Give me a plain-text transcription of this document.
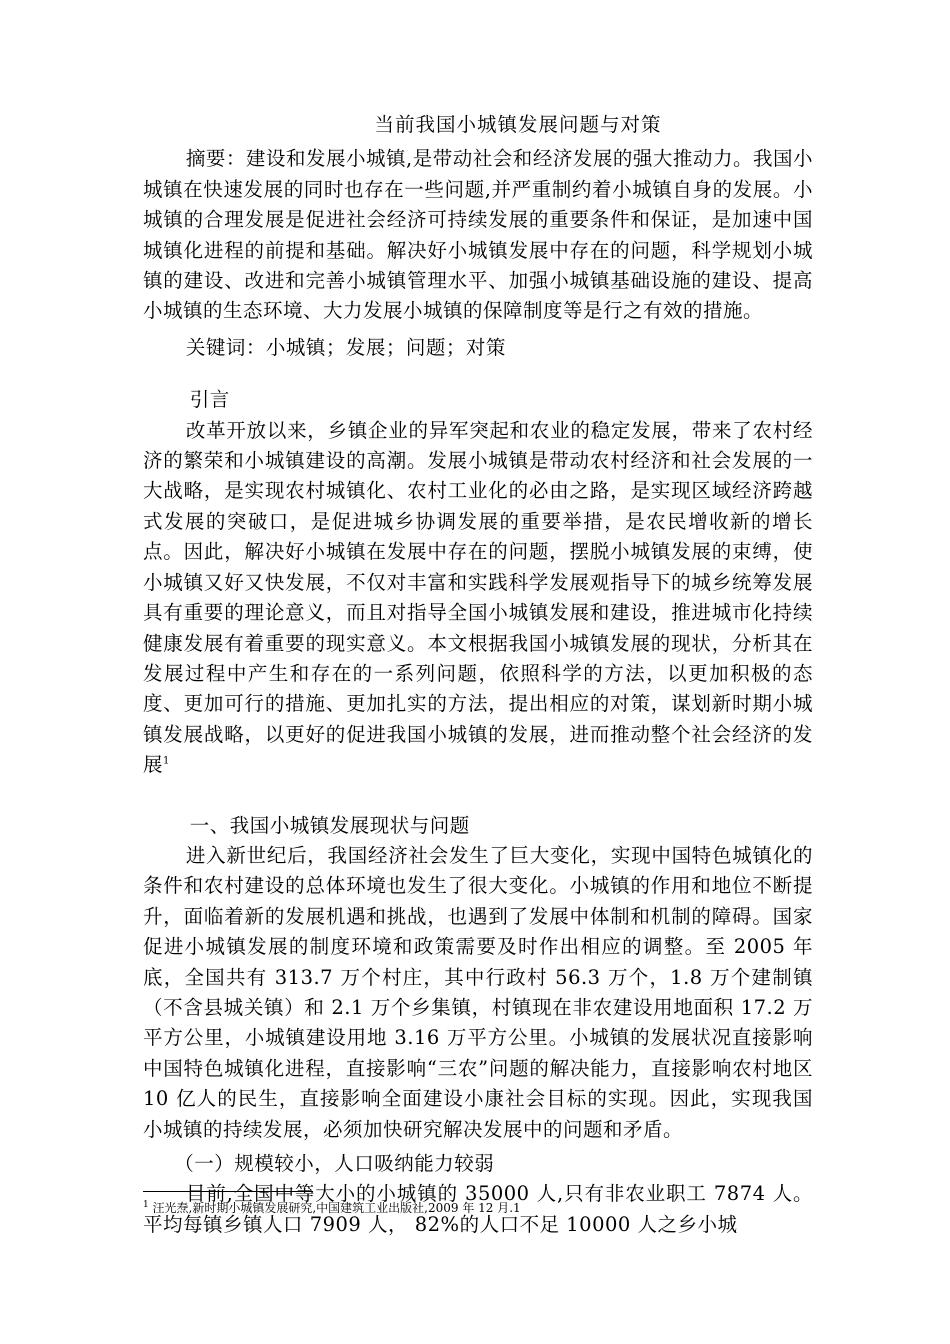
当前我国小城镇发展问题与对策

摘要：建设和发展小城镇,是带动社会和经济发展的强大推动力。我国小城镇在快速发展的同时也存在一些问题,并严重制约着小城镇自身的发展。小城镇的合理发展是促进社会经济可持续发展的重要条件和保证，是加速中国城镇化进程的前提和基础。解决好小城镇发展中存在的问题，科学规划小城镇的建设、改进和完善小城镇管理水平、加强小城镇基础设施的建设、提高小城镇的生态环境、大力发展小城镇的保障制度等是行之有效的措施。

关键词：小城镇；发展；问题；对策

引言

改革开放以来，乡镇企业的异军突起和农业的稳定发展，带来了农村经济的繁荣和小城镇建设的高潮。发展小城镇是带动农村经济和社会发展的一大战略，是实现农村城镇化、农村工业化的必由之路，是实现区域经济跨越式发展的突破口，是促进城乡协调发展的重要举措，是农民增收新的增长点。因此，解决好小城镇在发展中存在的问题，摆脱小城镇发展的束缚，使小城镇又好又快发展，不仅对丰富和实践科学发展观指导下的城乡统筹发展具有重要的理论意义，而且对指导全国小城镇发展和建设，推进城市化持续健康发展有着重要的现实意义。本文根据我国小城镇发展的现状，分析其在发展过程中产生和存在的一系列问题，依照科学的方法，以更加积极的态度、更加可行的措施、更加扎实的方法，提出相应的对策，谋划新时期小城镇发展战略，以更好的促进我国小城镇的发展，进而推动整个社会经济的发展$^1$

一、我国小城镇发展现状与问题

进入新世纪后，我国经济社会发生了巨大变化，实现中国特色城镇化的条件和农村建设的总体环境也发生了很大变化。小城镇的作用和地位不断提升，面临着新的发展机遇和挑战，也遇到了发展中体制和机制的障碍。国家促进小城镇发展的制度环境和政策需要及时作出相应的调整。至 2005 年底，全国共有 313.7 万个村庄，其中行政村 56.3 万个，1.8 万个建制镇（不含县城关镇）和 2.1 万个乡集镇，村镇现在非农建设用地面积 17.2 万平方公里，小城镇建设用地 3.16 万平方公里。小城镇的发展状况直接影响中国特色城镇化进程，直接影响“三农”问题的解决能力，直接影响农村地区 10 亿人的民生，直接影响全面建设小康社会目标的实现。因此，实现我国小城镇的持续发展，必须加快研究解决发展中的问题和矛盾。

（一）规模较小，人口吸纳能力较弱

目前,全国中等大小的小城镇的 35000 人,只有非农业职工 7874 人。平均每镇乡镇人口 7909 人， 82%的人口不足 10000 人之乡小城

$^1$ 汪光焘,新时期小城镇发展研究,中国建筑工业出版社,2009 年 12 月.1
